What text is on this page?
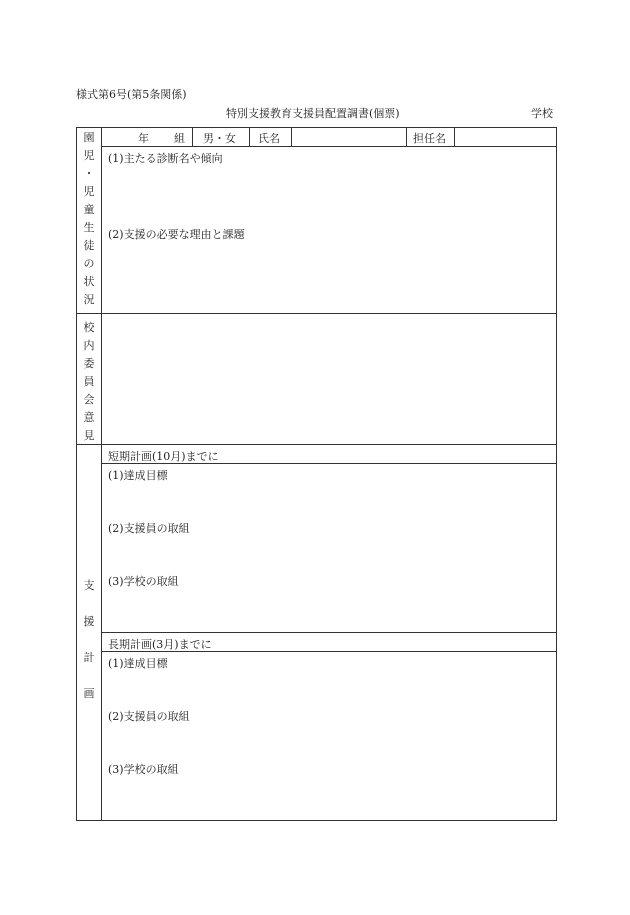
様式第6号(第5条関係)
特別支援教育支援員配置調書(個票)	学校
園
児
・
児
童
生
徒
の
状
況
年 組 男・女 氏名	担任名
(1)主たる診断名や傾向
(2)支援の必要な理由と課題
校
内
委
員
会
意
見
支
援
計
画
短期計画(10月)までに
(1)達成目標
(2)支援員の取組
(3)学校の取組
長期計画(3月)までに
(1)達成目標
(2)支援員の取組
(3)学校の取組
